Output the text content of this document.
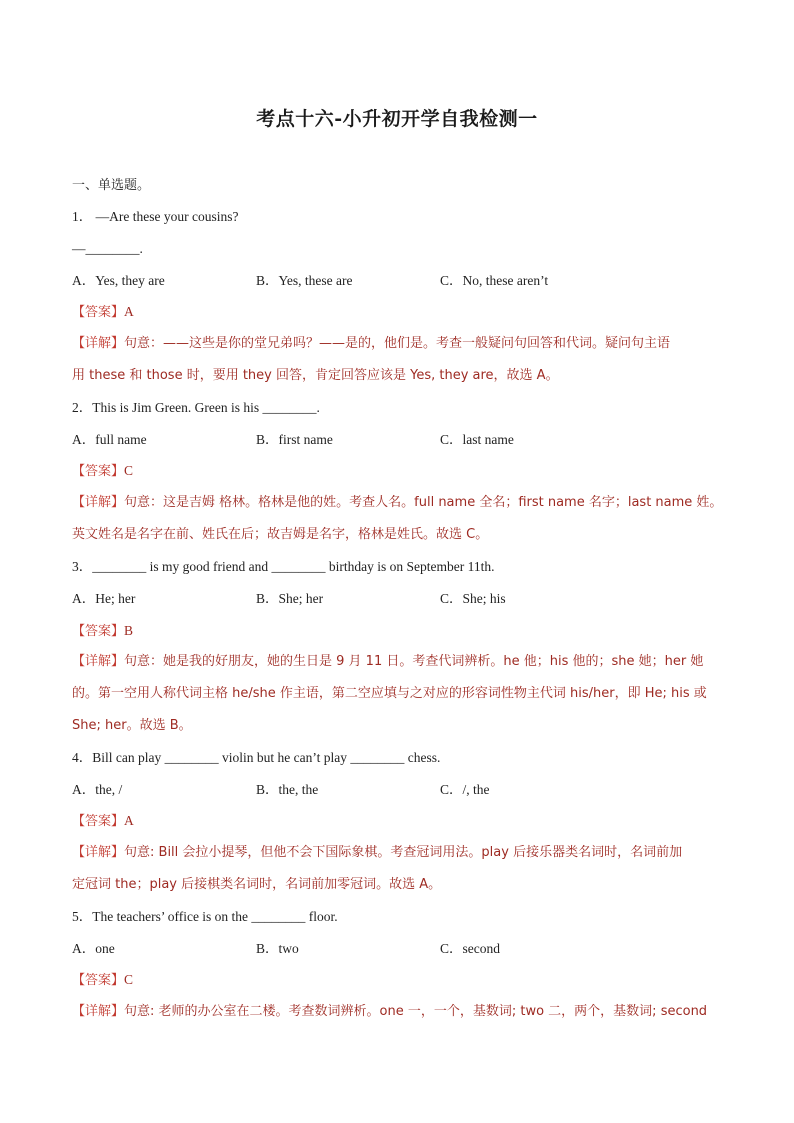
考点十六-小升初开学自我检测一
一、单选题。
1． —Are these your cousins?
—________.
A．Yes, they are	B．Yes, these are	C．No, these aren’t
【答案】A
【详解】句意：——这些是你的堂兄弟吗？——是的，他们是。考查一般疑问句回答和代词。疑问句主语
用 these 和 those 时，要用 they 回答，肯定回答应该是 Yes, they are，故选 A。
2．This is Jim Green. Green is his ________.
A．full name	B．first name	C．last name
【答案】C
【详解】句意：这是吉姆 格林。格林是他的姓。考查人名。full name 全名；first name 名字；last name 姓。
英文姓名是名字在前、姓氏在后；故吉姆是名字，格林是姓氏。故选 C。
3．________ is my good friend and ________ birthday is on September 11th.
A．He; her	B．She; her	C．She; his
【答案】B
【详解】句意：她是我的好朋友，她的生日是 9 月 11 日。考查代词辨析。he 他；his 他的；she 她；her 她
的。第一空用人称代词主格 he/she 作主语，第二空应填与之对应的形容词性物主代词 his/her，即 He; his 或
She; her。故选 B。
4．Bill can play ________ violin but he can’t play ________ chess.
A．the, /	B．the, the	C．/, the
【答案】A
【详解】句意: Bill 会拉小提琴，但他不会下国际象棋。考查冠词用法。play 后接乐器类名词时，名词前加
定冠词 the；play 后接棋类名词时，名词前加零冠词。故选 A。
5．The teachers’ office is on the ________ floor.
A．one	B．two	C．second
【答案】C
【详解】句意: 老师的办公室在二楼。考查数词辨析。one 一，一个，基数词; two 二，两个，基数词; second
